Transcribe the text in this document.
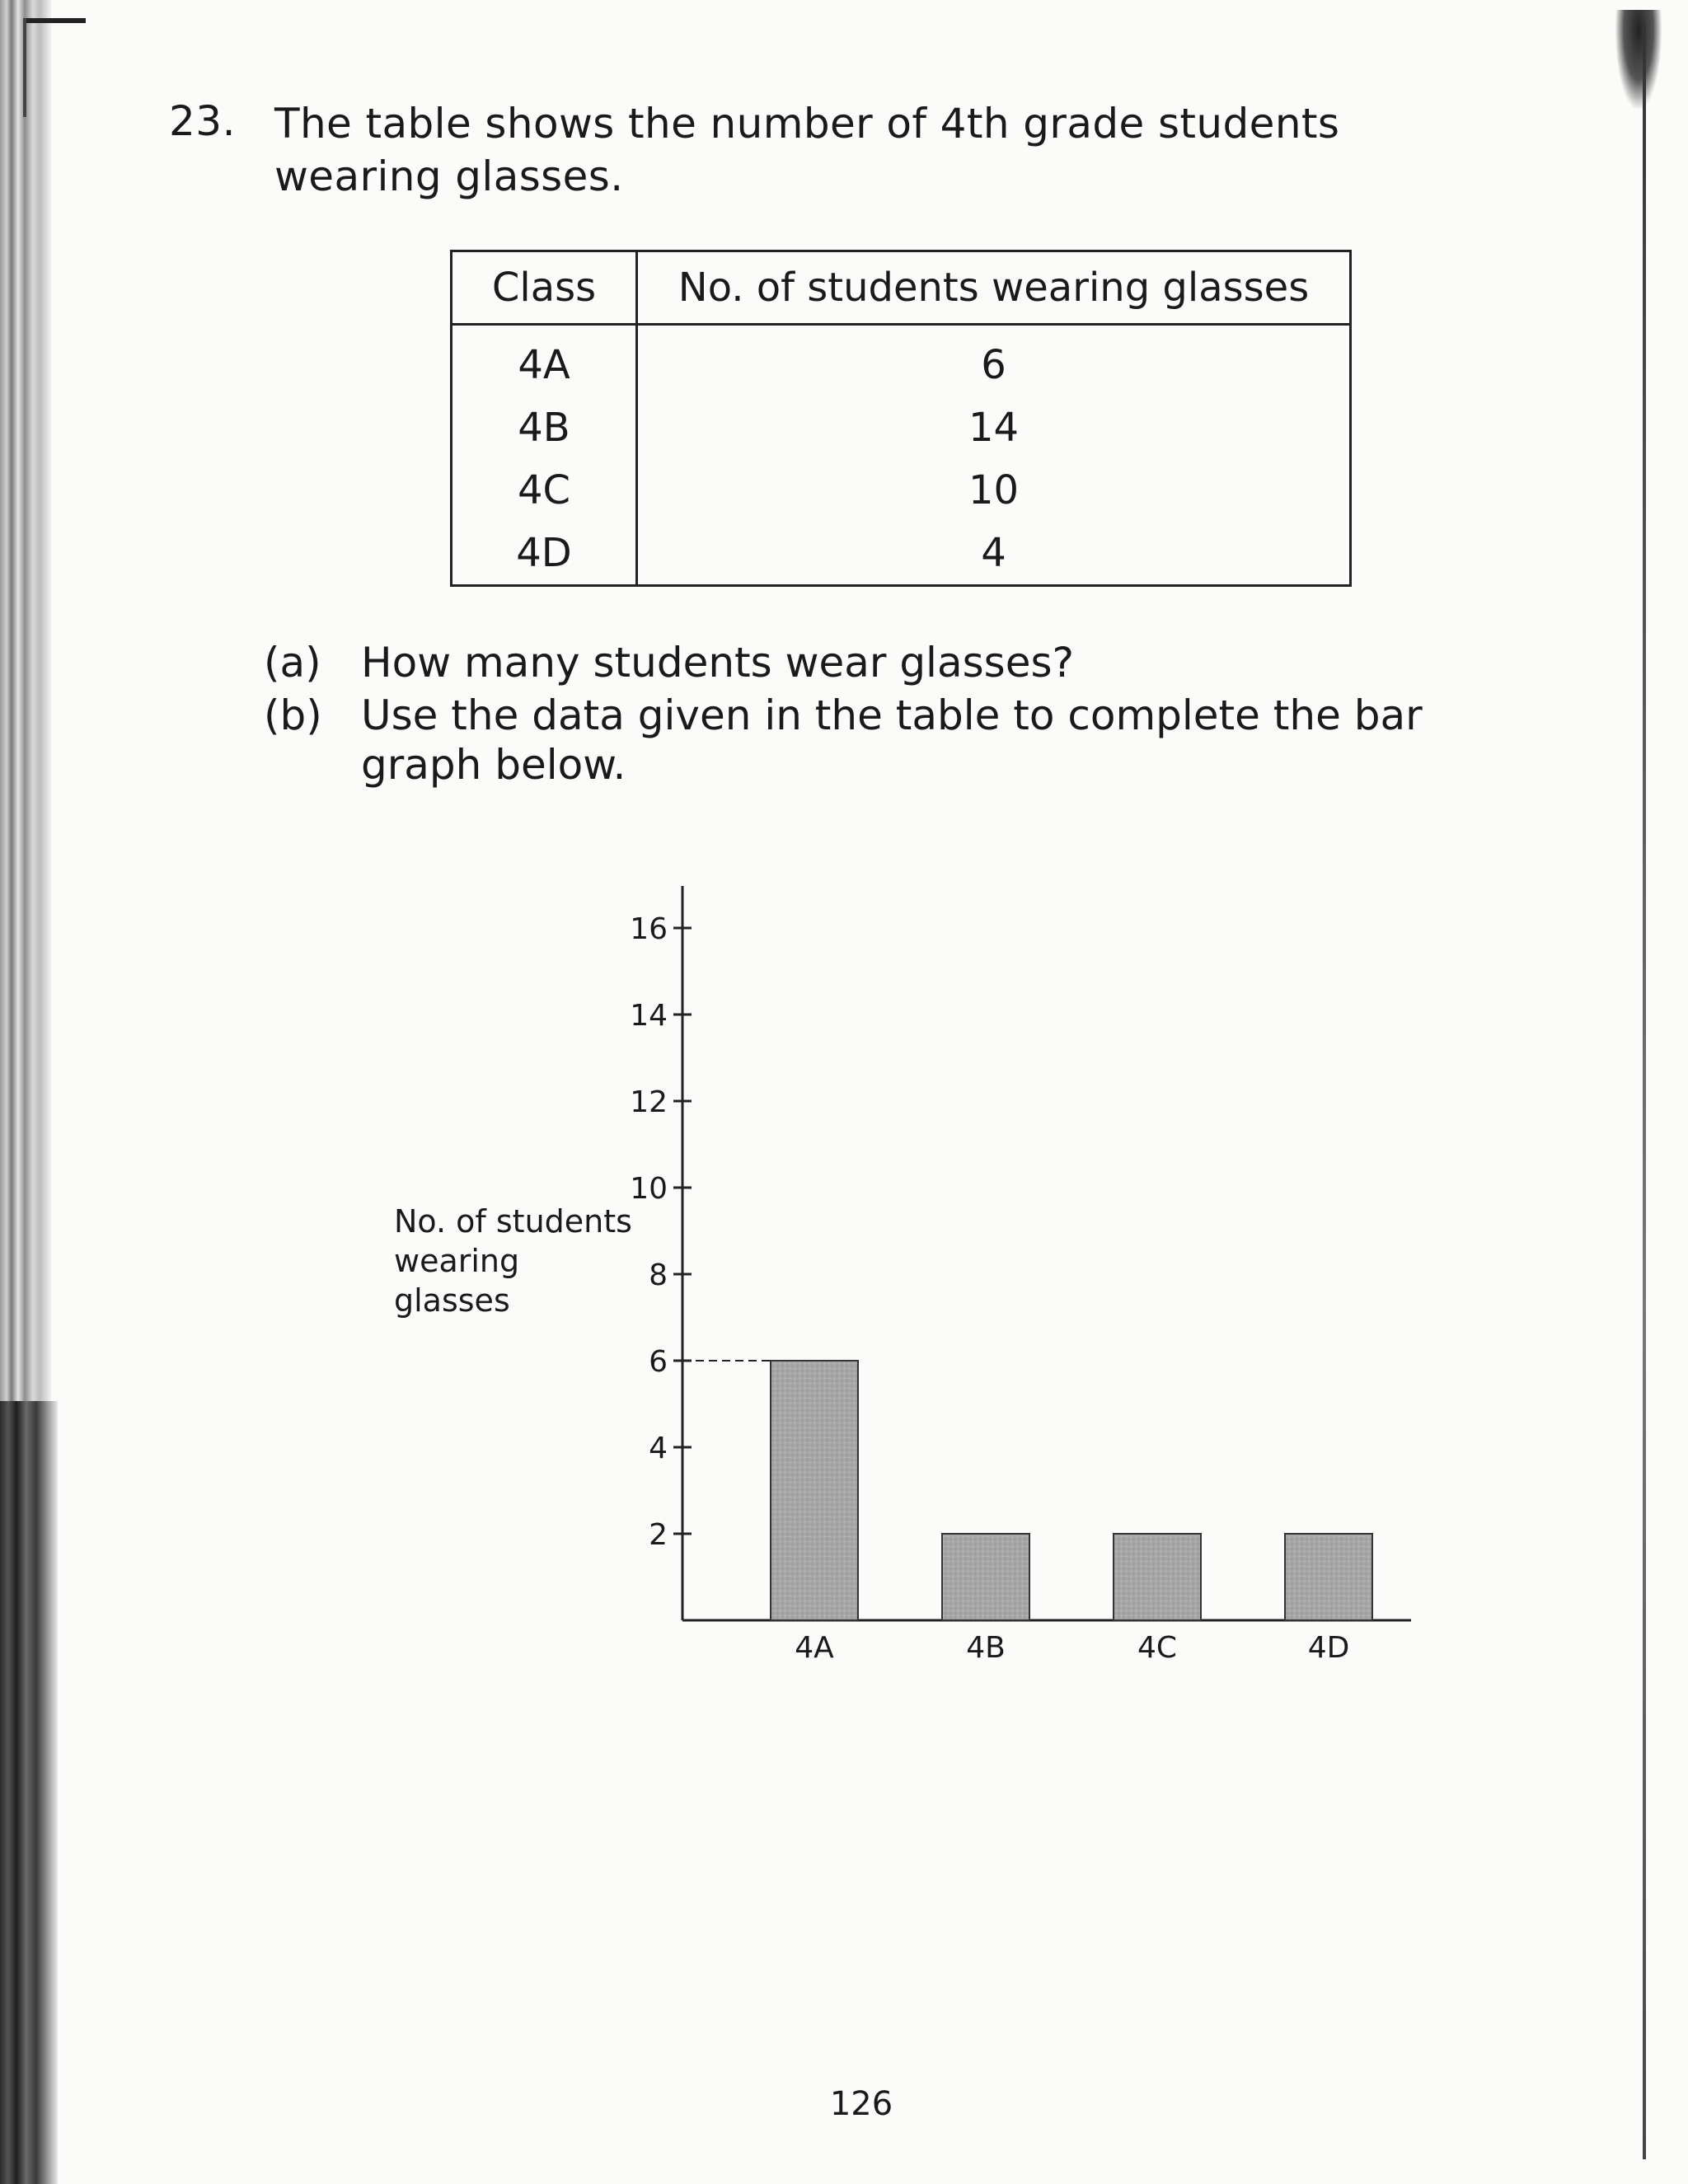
23. The table shows the number of 4th grade students wearing glasses.
Class	No. of students wearing glasses
4A	6
4B	14
4C	10
4D	4
(a) How many students wear glasses?
(b) Use the data given in the table to complete the bar graph below.
No. of students wearing glasses
2
4
6
8
10
12
14
16
4A	4B	4C	4D
126
